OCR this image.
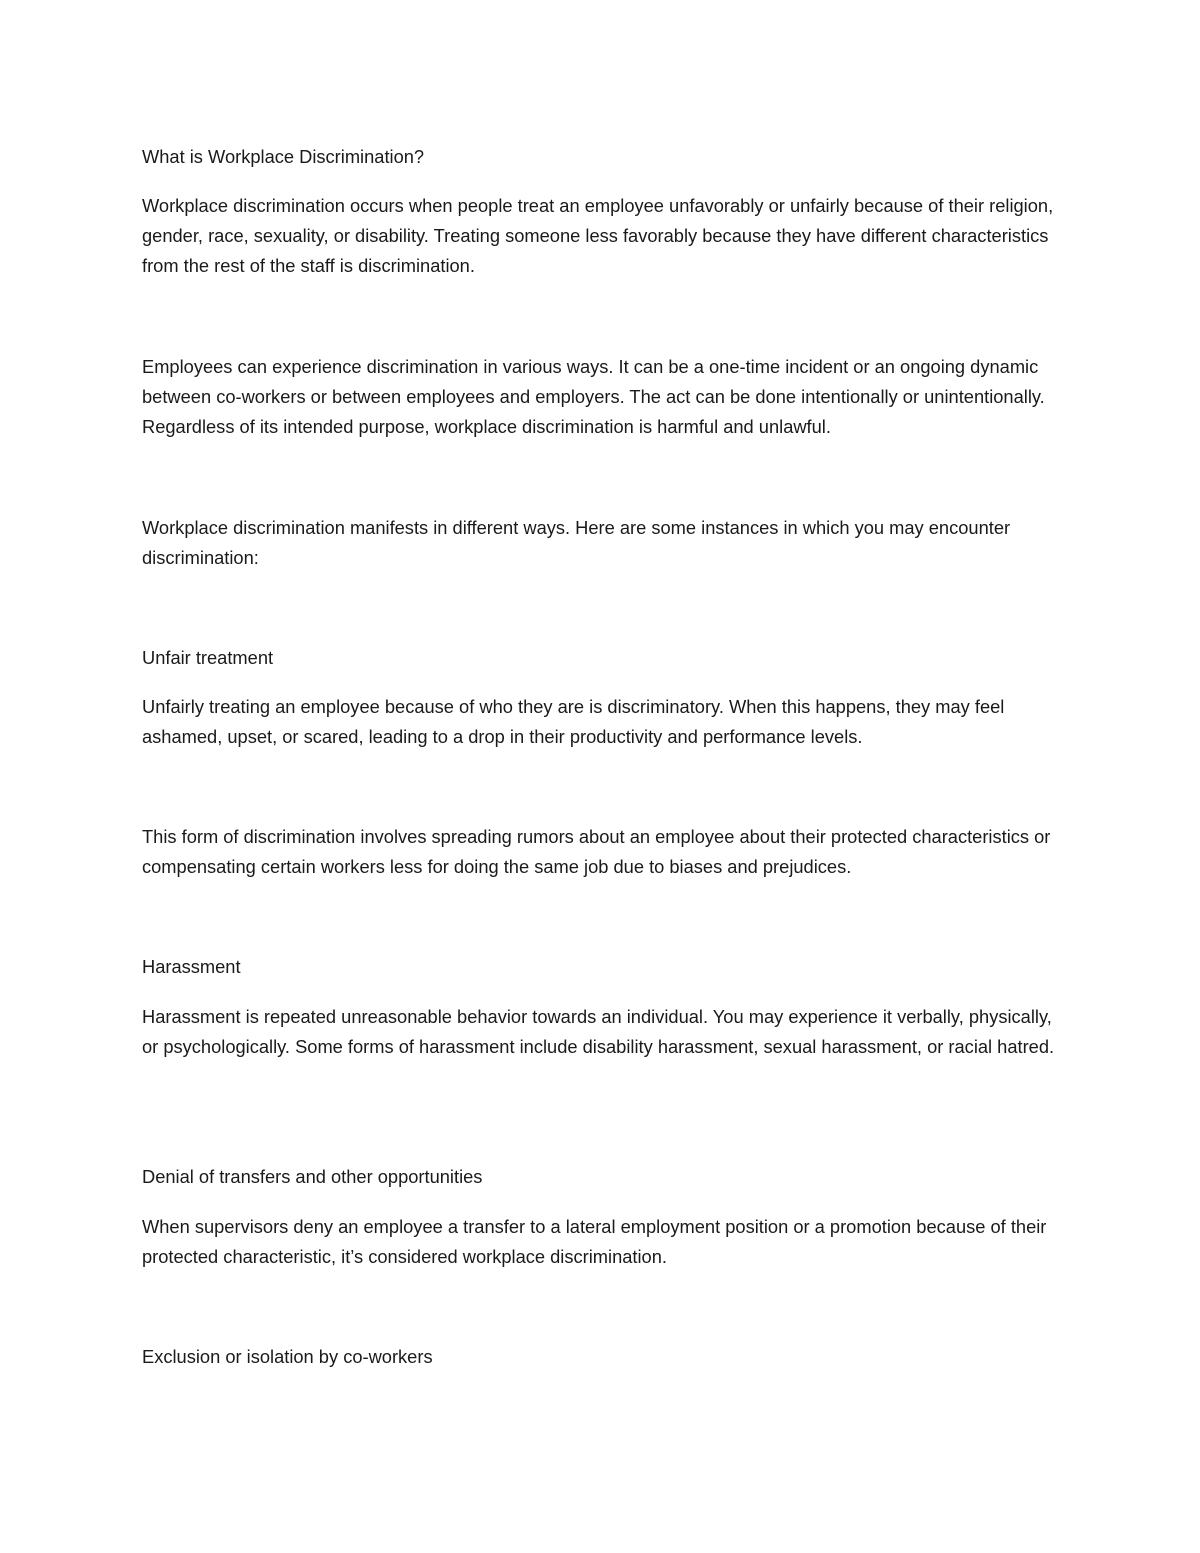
What is Workplace Discrimination?

Workplace discrimination occurs when people treat an employee unfavorably or unfairly because of their religion, gender, race, sexuality, or disability. Treating someone less favorably because they have different characteristics from the rest of the staff is discrimination.

Employees can experience discrimination in various ways. It can be a one-time incident or an ongoing dynamic between co-workers or between employees and employers. The act can be done intentionally or unintentionally. Regardless of its intended purpose, workplace discrimination is harmful and unlawful.

Workplace discrimination manifests in different ways. Here are some instances in which you may encounter discrimination:

Unfair treatment

Unfairly treating an employee because of who they are is discriminatory. When this happens, they may feel ashamed, upset, or scared, leading to a drop in their productivity and performance levels.

This form of discrimination involves spreading rumors about an employee about their protected characteristics or compensating certain workers less for doing the same job due to biases and prejudices.

Harassment

Harassment is repeated unreasonable behavior towards an individual. You may experience it verbally, physically, or psychologically. Some forms of harassment include disability harassment, sexual harassment, or racial hatred.

Denial of transfers and other opportunities

When supervisors deny an employee a transfer to a lateral employment position or a promotion because of their protected characteristic, it’s considered workplace discrimination.

Exclusion or isolation by co-workers
